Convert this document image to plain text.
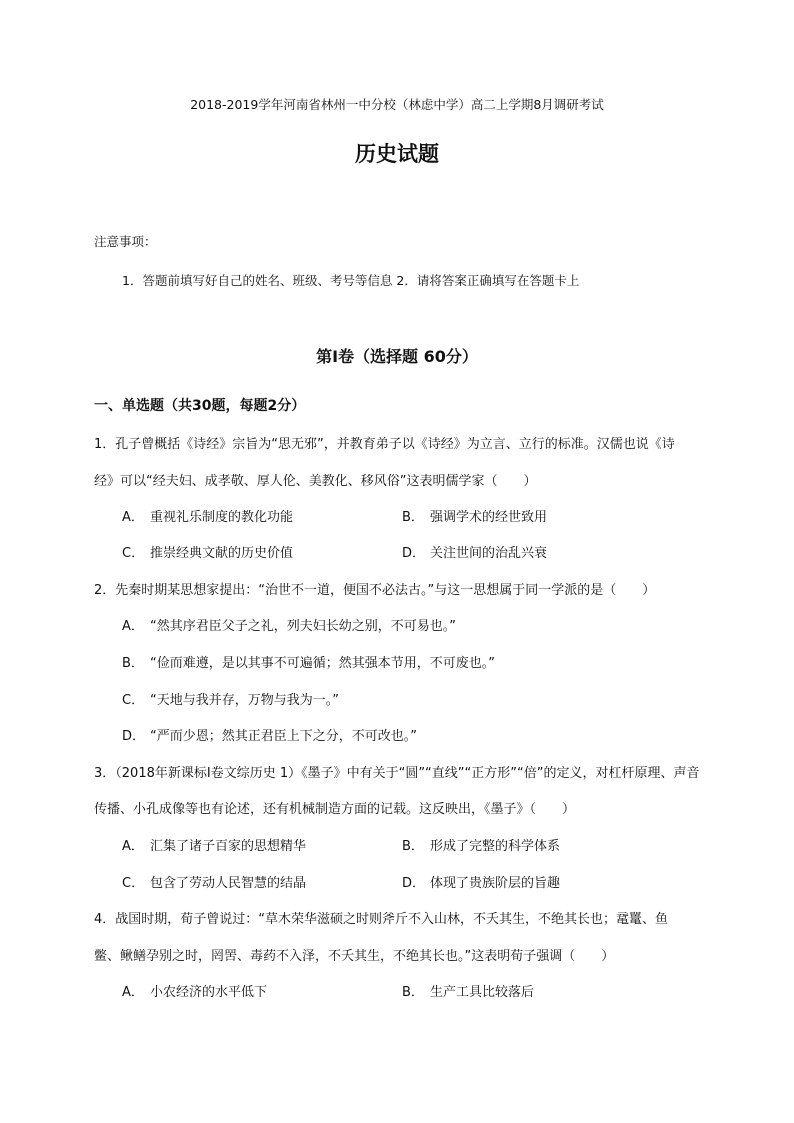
2018-2019学年河南省林州一中分校（林虑中学）高二上学期8月调研考试
历史试题
注意事项：
1．答题前填写好自己的姓名、班级、考号等信息 2．请将答案正确填写在答题卡上
第I卷（选择题 60分）
一、单选题（共30题，每题2分）
1．孔子曾概括《诗经》宗旨为“思无邪”，并教育弟子以《诗经》为立言、立行的标准。汉儒也说《诗
经》可以“经夫妇、成孝敬、厚人伦、美教化、移风俗”这表明儒学家（　　）
A． 重视礼乐制度的教化功能	B． 强调学术的经世致用
C． 推崇经典文献的历史价值	D． 关注世间的治乱兴衰
2．先秦时期某思想家提出：“治世不一道，便国不必法古。”与这一思想属于同一学派的是（　　）
A． “然其序君臣父子之礼，列夫妇长幼之别，不可易也。”
B． “俭而难遵，是以其事不可遍循；然其强本节用，不可废也。”
C． “天地与我并存，万物与我为一。”
D． “严而少恩；然其正君臣上下之分，不可改也。”
3．（2018年新课标Ⅰ卷文综历史 1）《墨子》中有关于“圆”“直线”“正方形”“倍”的定义，对杠杆原理、声音
传播、小孔成像等也有论述，还有机械制造方面的记载。这反映出，《墨子》（　　）
A． 汇集了诸子百家的思想精华	B． 形成了完整的科学体系
C． 包含了劳动人民智慧的结晶	D． 体现了贵族阶层的旨趣
4．战国时期，荀子曾说过：“草木荣华滋硕之时则斧斤不入山林，不夭其生，不绝其长也；鼋鼍、鱼
鳖、鳅鳝孕别之时，罔罟、毒药不入泽，不夭其生，不绝其长也。”这表明荀子强调（　　）
A． 小农经济的水平低下	B． 生产工具比较落后
